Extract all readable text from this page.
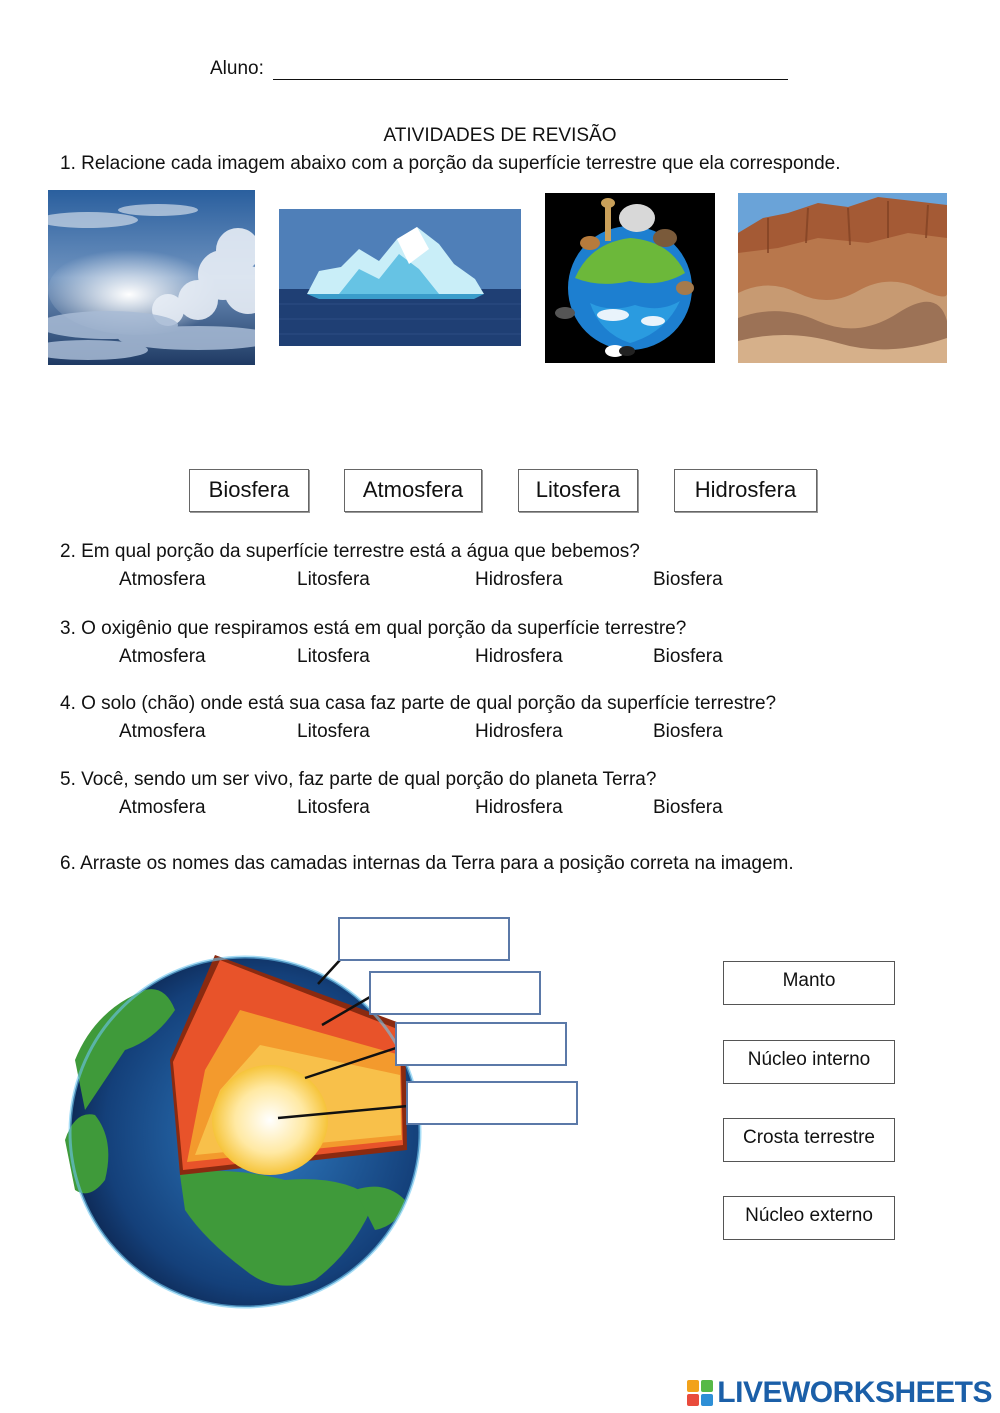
Aluno:
ATIVIDADES DE REVISÃO
1. Relacione cada imagem abaixo com a porção da superfície terrestre que ela corresponde.
Biosfera	Atmosfera	Litosfera	Hidrosfera
2. Em qual porção da superfície terrestre está a água que bebemos?
Atmosfera	Litosfera	Hidrosfera	Biosfera
3. O oxigênio que respiramos está em qual porção da superfície terrestre?
Atmosfera	Litosfera	Hidrosfera	Biosfera
4. O solo (chão) onde está sua casa faz parte de qual porção da superfície terrestre?
Atmosfera	Litosfera	Hidrosfera	Biosfera
5. Você, sendo um ser vivo, faz parte de qual porção do planeta Terra?
Atmosfera	Litosfera	Hidrosfera	Biosfera
6. Arraste os nomes das camadas internas da Terra para a posição correta na imagem.
Manto
Núcleo interno
Crosta terrestre
Núcleo externo
LIVEWORKSHEETS
